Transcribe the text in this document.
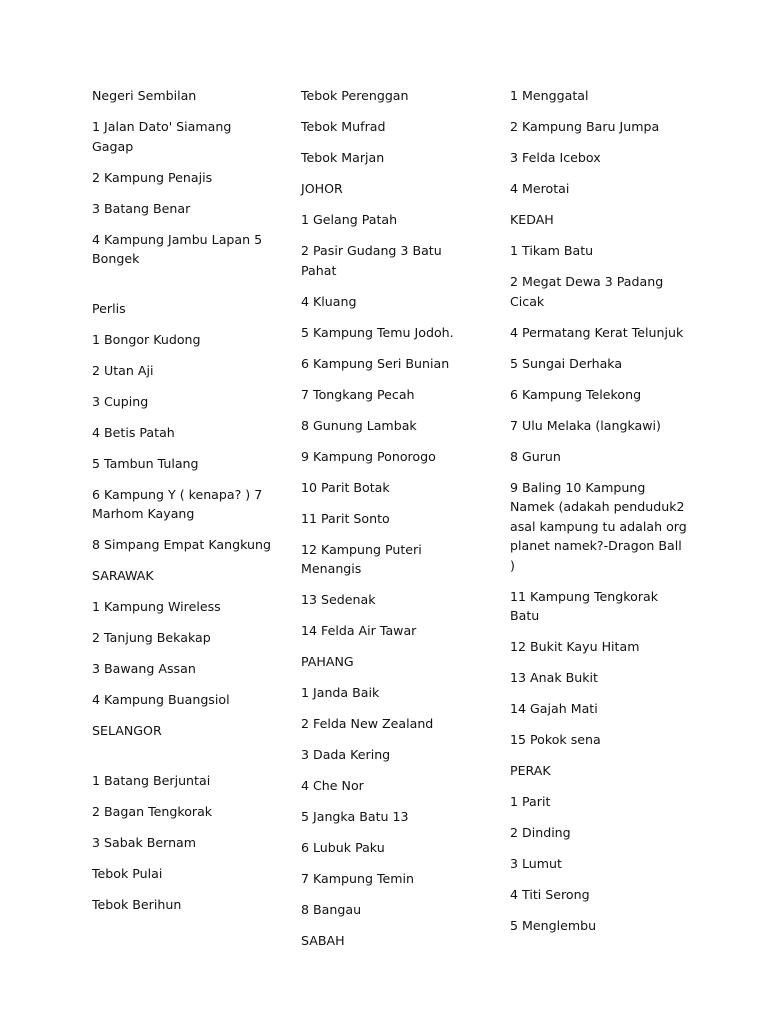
Negeri Sembilan
1 Jalan Dato' Siamang Gagap
2 Kampung Penajis
3 Batang Benar
4 Kampung Jambu Lapan 5 Bongek
Perlis
1 Bongor Kudong
2 Utan Aji
3 Cuping
4 Betis Patah
5 Tambun Tulang
6 Kampung Y ( kenapa? ) 7 Marhom Kayang
8 Simpang Empat Kangkung
SARAWAK
1 Kampung Wireless
2 Tanjung Bekakap
3 Bawang Assan
4 Kampung Buangsiol
SELANGOR
1 Batang Berjuntai
2 Bagan Tengkorak
3 Sabak Bernam
Tebok Pulai
Tebok Berihun
Tebok Perenggan
Tebok Mufrad
Tebok Marjan
JOHOR
1 Gelang Patah
2 Pasir Gudang 3 Batu Pahat
4 Kluang
5 Kampung Temu Jodoh.
6 Kampung Seri Bunian
7 Tongkang Pecah
8 Gunung Lambak
9 Kampung Ponorogo
10 Parit Botak
11 Parit Sonto
12 Kampung Puteri Menangis
13 Sedenak
14 Felda Air Tawar
PAHANG
1 Janda Baik
2 Felda New Zealand
3 Dada Kering
4 Che Nor
5 Jangka Batu 13
6 Lubuk Paku
7 Kampung Temin
8 Bangau
SABAH
1 Menggatal
2 Kampung Baru Jumpa
3 Felda Icebox
4 Merotai
KEDAH
1 Tikam Batu
2 Megat Dewa 3 Padang Cicak
4 Permatang Kerat Telunjuk
5 Sungai Derhaka
6 Kampung Telekong
7 Ulu Melaka (langkawi)
8 Gurun
9 Baling 10 Kampung Namek (adakah penduduk2 asal kampung tu adalah org planet namek?-Dragon Ball )
11 Kampung Tengkorak Batu
12 Bukit Kayu Hitam
13 Anak Bukit
14 Gajah Mati
15 Pokok sena
PERAK
1 Parit
2 Dinding
3 Lumut
4 Titi Serong
5 Menglembu
